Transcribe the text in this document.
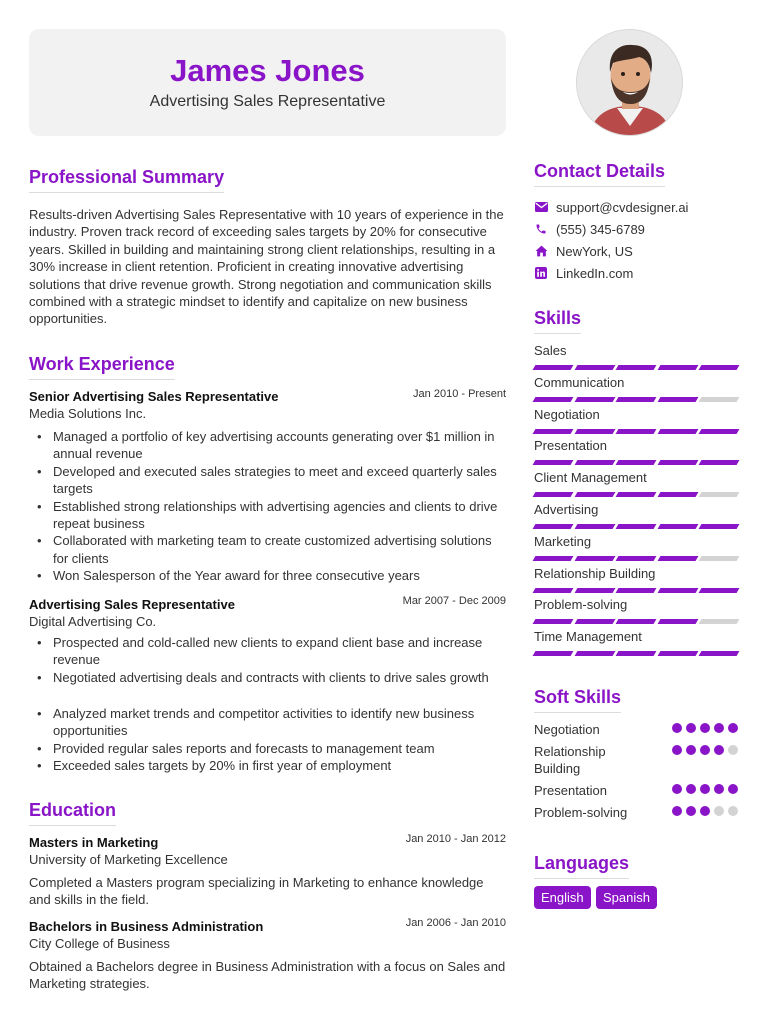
James Jones
Advertising Sales Representative
Professional Summary

Results-driven Advertising Sales Representative with 10 years of experience in the industry. Proven track record of exceeding sales targets by 20% for consecutive years. Skilled in building and maintaining strong client relationships, resulting in a 30% increase in client retention. Proficient in creating innovative advertising solutions that drive revenue growth. Strong negotiation and communication skills combined with a strategic mindset to identify and capitalize on new business opportunities.

Work Experience
Senior Advertising Sales Representative	Jan 2010 - Present
Media Solutions Inc.
• Managed a portfolio of key advertising accounts generating over $1 million in annual revenue
• Developed and executed sales strategies to meet and exceed quarterly sales targets
• Established strong relationships with advertising agencies and clients to drive repeat business
• Collaborated with marketing team to create customized advertising solutions for clients
• Won Salesperson of the Year award for three consecutive years
Advertising Sales Representative	Mar 2007 - Dec 2009
Digital Advertising Co.
• Prospected and cold-called new clients to expand client base and increase revenue
• Negotiated advertising deals and contracts with clients to drive sales growth
• Analyzed market trends and competitor activities to identify new business opportunities
• Provided regular sales reports and forecasts to management team
• Exceeded sales targets by 20% in first year of employment
Education
Masters in Marketing	Jan 2010 - Jan 2012
University of Marketing Excellence

Completed a Masters program specializing in Marketing to enhance knowledge and skills in the field.

Bachelors in Business Administration	Jan 2006 - Jan 2010
City College of Business

Obtained a Bachelors degree in Business Administration with a focus on Sales and Marketing strategies.

Contact Details
support@cvdesigner.ai
(555) 345-6789
NewYork, US
LinkedIn.com
Skills
Sales
Communication
Negotiation
Presentation
Client Management
Advertising
Marketing
Relationship Building
Problem-solving
Time Management
Soft Skills
Negotiation
Relationship Building
Presentation
Problem-solving
Languages
English	Spanish
